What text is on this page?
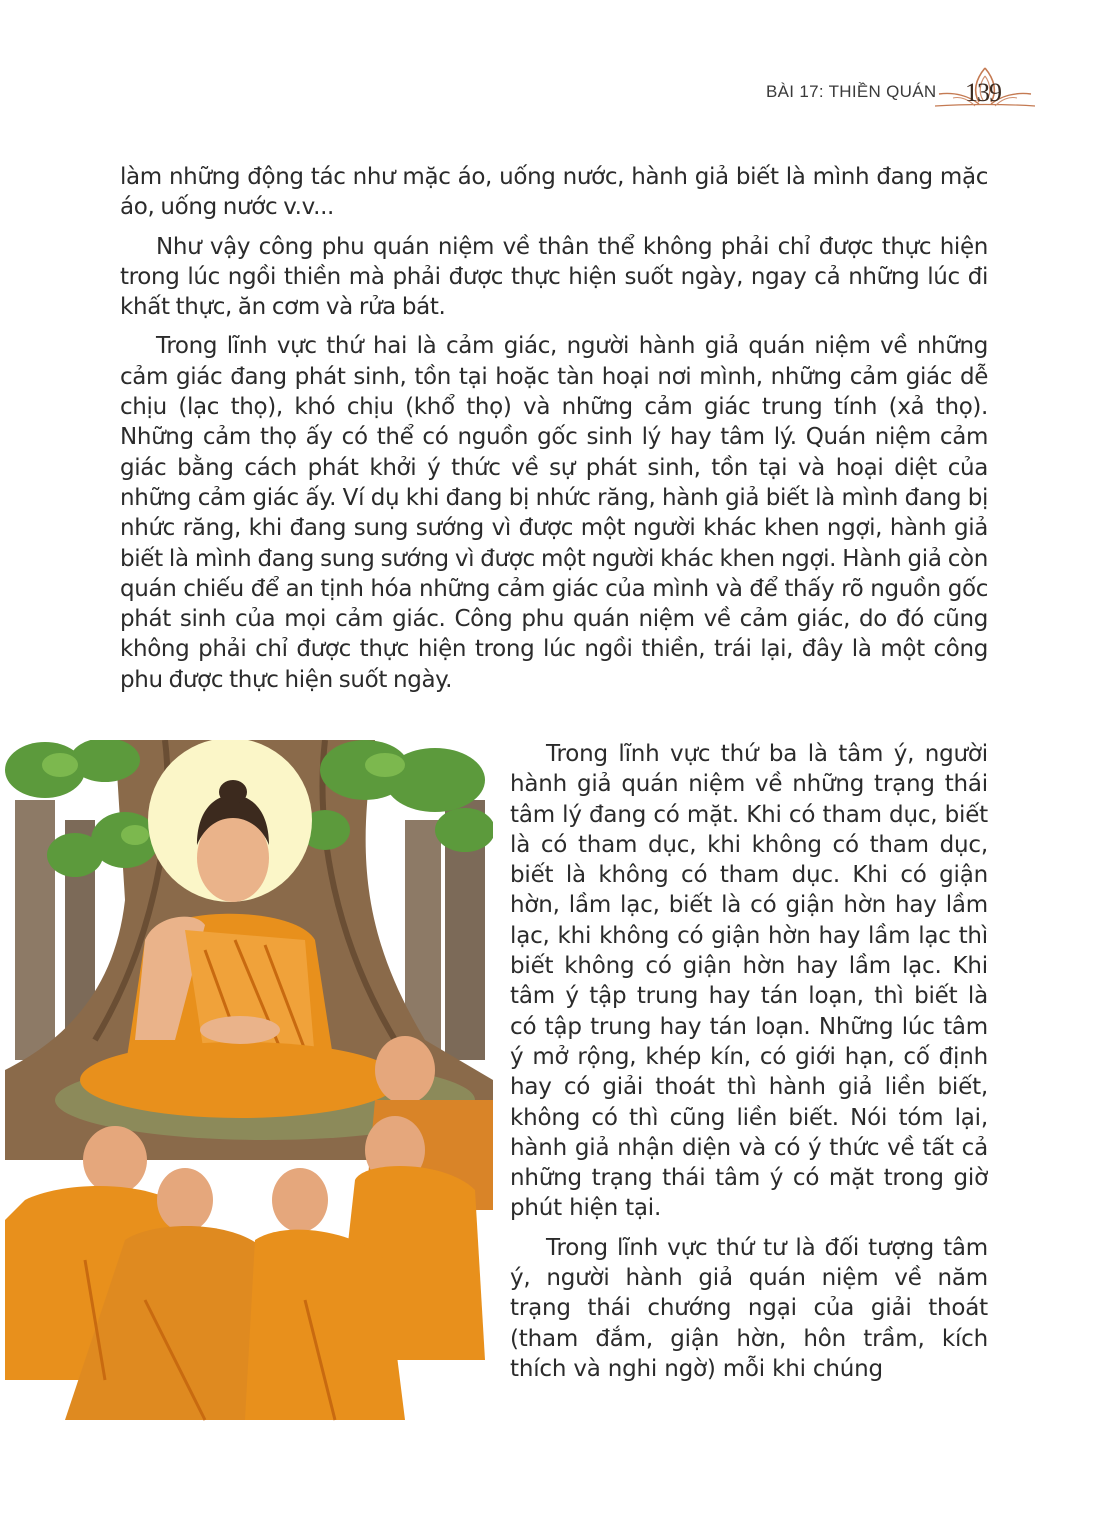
BÀI 17: THIỀN QUÁN 139

làm những động tác như mặc áo, uống nước, hành giả biết là mình đang mặc áo, uống nước v.v...

Như vậy công phu quán niệm về thân thể không phải chỉ được thực hiện trong lúc ngồi thiền mà phải được thực hiện suốt ngày, ngay cả những lúc đi khất thực, ăn cơm và rửa bát.

Trong lĩnh vực thứ hai là cảm giác, người hành giả quán niệm về những cảm giác đang phát sinh, tồn tại hoặc tàn hoại nơi mình, những cảm giác dễ chịu (lạc thọ), khó chịu (khổ thọ) và những cảm giác trung tính (xả thọ). Những cảm thọ ấy có thể có nguồn gốc sinh lý hay tâm lý. Quán niệm cảm giác bằng cách phát khởi ý thức về sự phát sinh, tồn tại và hoại diệt của những cảm giác ấy. Ví dụ khi đang bị nhức răng, hành giả biết là mình đang bị nhức răng, khi đang sung sướng vì được một người khác khen ngợi, hành giả biết là mình đang sung sướng vì được một người khác khen ngợi. Hành giả còn quán chiếu để an tịnh hóa những cảm giác của mình và để thấy rõ nguồn gốc phát sinh của mọi cảm giác. Công phu quán niệm về cảm giác, do đó cũng không phải chỉ được thực hiện trong lúc ngồi thiền, trái lại, đây là một công phu được thực hiện suốt ngày.

Trong lĩnh vực thứ ba là tâm ý, người hành giả quán niệm về những trạng thái tâm lý đang có mặt. Khi có tham dục, biết là có tham dục, khi không có tham dục, biết là không có tham dục. Khi có giận hờn, lầm lạc, biết là có giận hờn hay lầm lạc, khi không có giận hờn hay lầm lạc thì biết không có giận hờn hay lầm lạc. Khi tâm ý tập trung hay tán loạn, thì biết là có tập trung hay tán loạn. Những lúc tâm ý mở rộng, khép kín, có giới hạn, cố định hay có giải thoát thì hành giả liền biết, không có thì cũng liền biết. Nói tóm lại, hành giả nhận diện và có ý thức về tất cả những trạng thái tâm ý có mặt trong giờ phút hiện tại.

Trong lĩnh vực thứ tư là đối tượng tâm ý, người hành giả quán niệm về năm trạng thái chướng ngại của giải thoát (tham đắm, giận hờn, hôn trầm, kích thích và nghi ngờ) mỗi khi chúng
